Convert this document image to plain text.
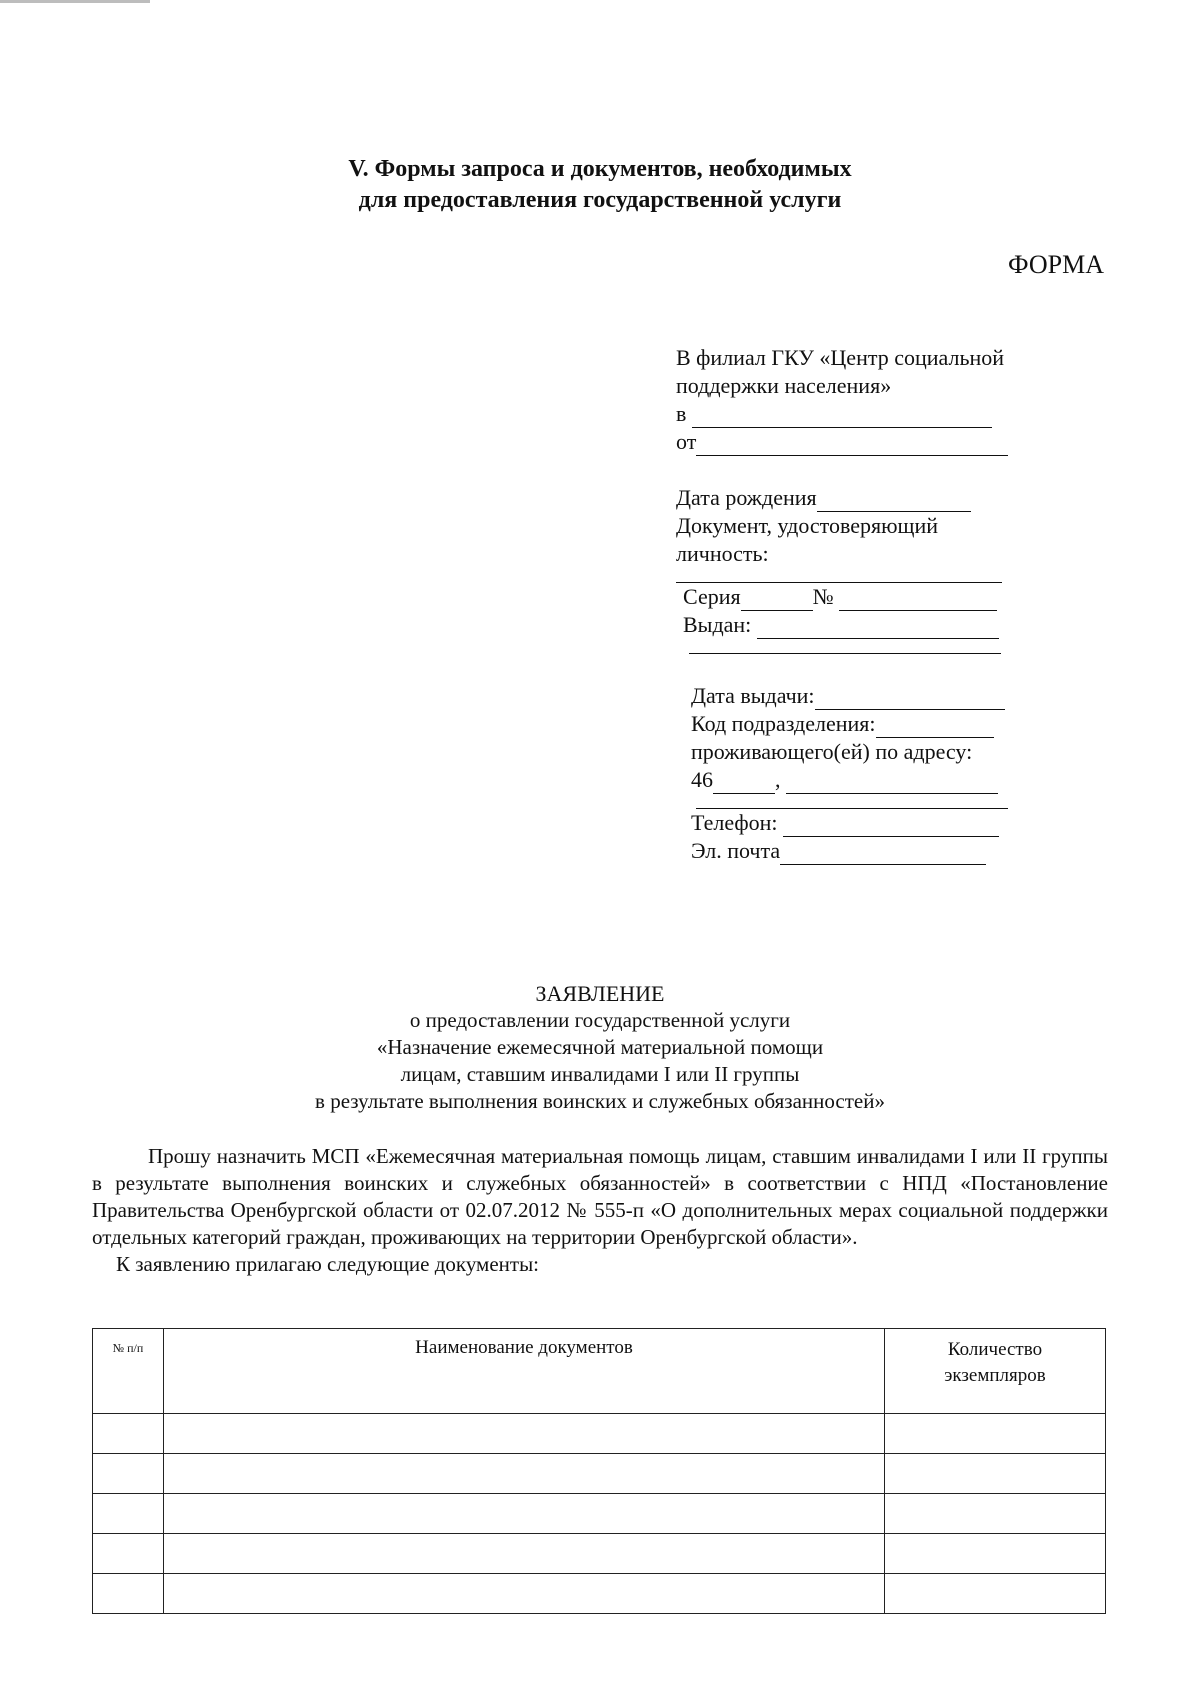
V. Формы запроса и документов, необходимых
для предоставления государственной услуги
ФОРМА
В филиал ГКУ «Центр социальной
поддержки населения»
в

от
Дата рождения
Документ, удостоверяющий
личность:
Серия	№

Выдан:

Дата выдачи:
Код подразделения:
проживающего(ей) по адресу:
46	,

Телефон:

Эл. почта
ЗАЯВЛЕНИЕ
о предоставлении государственной услуги
«Назначение ежемесячной материальной помощи
лицам, ставшим инвалидами I или II группы
в результате выполнения воинских и служебных обязанностей»

Прошу назначить МСП «Ежемесячная материальная помощь лицам, ставшим инвалидами I или II группы в результате выполнения воинских и служебных обязанностей» в соответствии с НПД «Постановление Правительства Оренбургской области от 02.07.2012 № 555-п «О дополнительных мерах социальной поддержки отдельных категорий граждан, проживающих на территории Оренбургской области».

К заявлению прилагаю следующие документы:

№ п/п	Наименование документов	Количество
экземпляров
